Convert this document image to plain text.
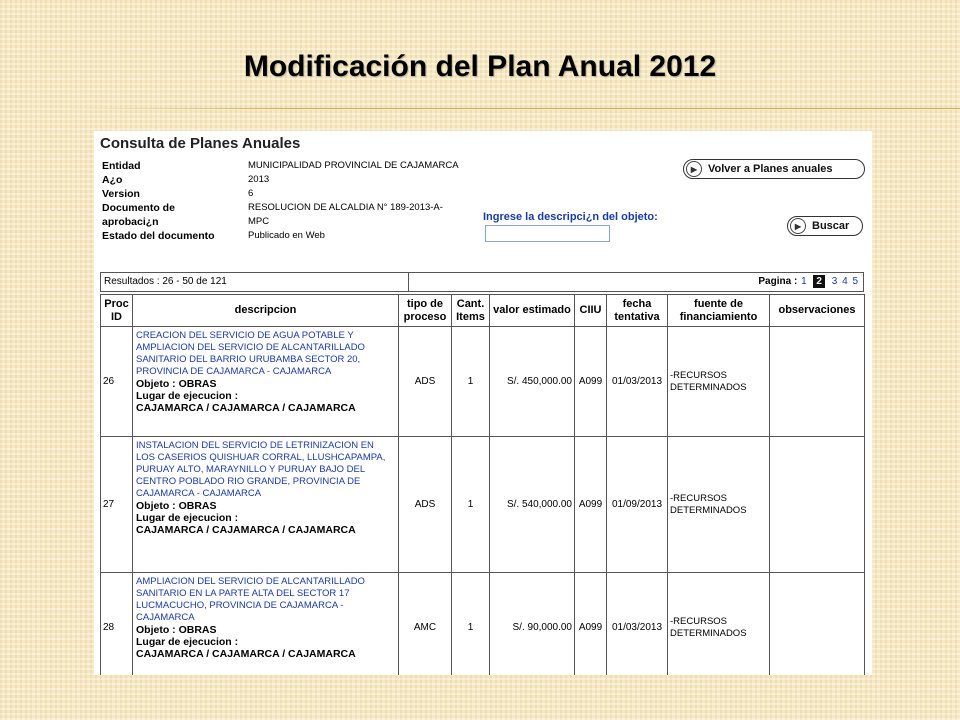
Modificación del Plan Anual 2012
Consulta de Planes Anuales
Entidad	MUNICIPALIDAD PROVINCIAL DE CAJAMARCA
A¿o	2013
Version	6
Documento de	RESOLUCION DE ALCALDIA N° 189-2013-A-
aprobaci¿n	MPC
Estado del documento	Publicado en Web
▶ Volver a Planes anuales
Ingrese la descripci¿n del objeto:
▶ Buscar
Resultados : 26 - 50 de 121	Pagina : 1 2 3 4 5
Proc ID	descripcion	tipo de proceso	Cant. Items	valor estimado	CIIU	fecha tentativa	fuente de financiamiento	observaciones
26	CREACION DEL SERVICIO DE AGUA POTABLE Y AMPLIACION DEL SERVICIO DE ALCANTARILLADO SANITARIO DEL BARRIO URUBAMBA SECTOR 20, PROVINCIA DE CAJAMARCA - CAJAMARCA
Objeto : OBRAS
Lugar de ejecucion :
CAJAMARCA / CAJAMARCA / CAJAMARCA	ADS	1	S/. 450,000.00	A099	01/03/2013	-RECURSOS DETERMINADOS	
27	INSTALACION DEL SERVICIO DE LETRINIZACION EN LOS CASERIOS QUISHUAR CORRAL, LLUSHCAPAMPA, PURUAY ALTO, MARAYNILLO Y PURUAY BAJO DEL CENTRO POBLADO RIO GRANDE, PROVINCIA DE CAJAMARCA - CAJAMARCA
Objeto : OBRAS
Lugar de ejecucion :
CAJAMARCA / CAJAMARCA / CAJAMARCA	ADS	1	S/. 540,000.00	A099	01/09/2013	-RECURSOS DETERMINADOS	
28	AMPLIACION DEL SERVICIO DE ALCANTARILLADO SANITARIO EN LA PARTE ALTA DEL SECTOR 17 LUCMACUCHO, PROVINCIA DE CAJAMARCA - CAJAMARCA
Objeto : OBRAS
Lugar de ejecucion :
CAJAMARCA / CAJAMARCA / CAJAMARCA	AMC	1	S/. 90,000.00	A099	01/03/2013	-RECURSOS DETERMINADOS	
